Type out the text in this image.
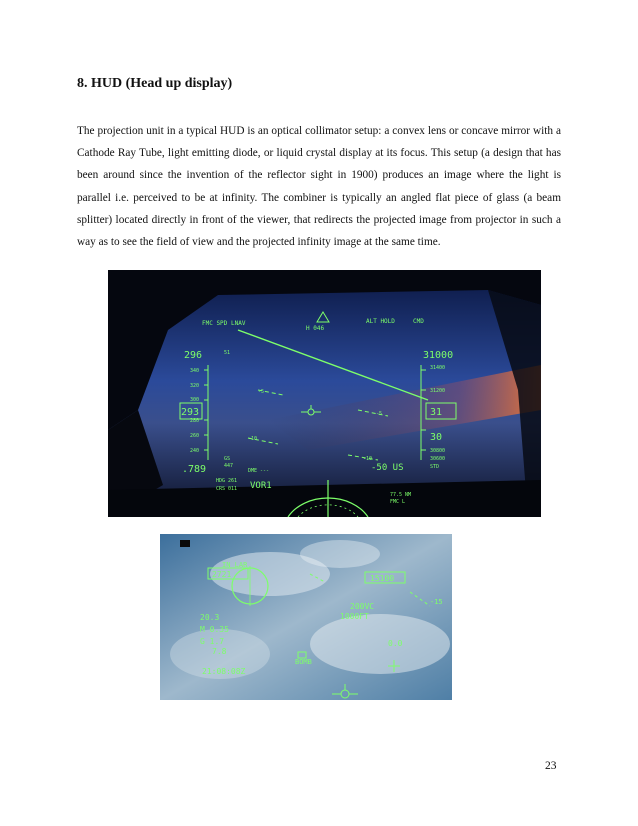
8. HUD (Head up display)

The projection unit in a typical HUD is an optical collimator setup: a convex lens or concave mirror with a Cathode Ray Tube, light emitting diode, or liquid crystal display at its focus. This setup (a design that has been around since the invention of the reflector sight in 1900) produces an image where the light is parallel i.e. perceived to be at infinity. The combiner is typically an angled flat piece of glass (a beam splitter) located directly in front of the viewer, that redirects the projected image from projector in such a way as to see the field of view and the projected infinity image at the same time.

FMC SPD LNAV	ALT HOLD	CMD
H 046
296
340
320
300
293
280
260
240
.789
GS
447
DME ---
HDG 261
CRS 011 VOR1
31000
31400
31200
31
30
30800
30600
STD
-50 US
77.5 NM
FMC L
-5
-10
-10
-5
51
IN LAR
2721	15100
20.3
M 0.35
G 1.7
7.8
21:08:08Z
200VC
1000FT
0.0
-15
BOMB

23
